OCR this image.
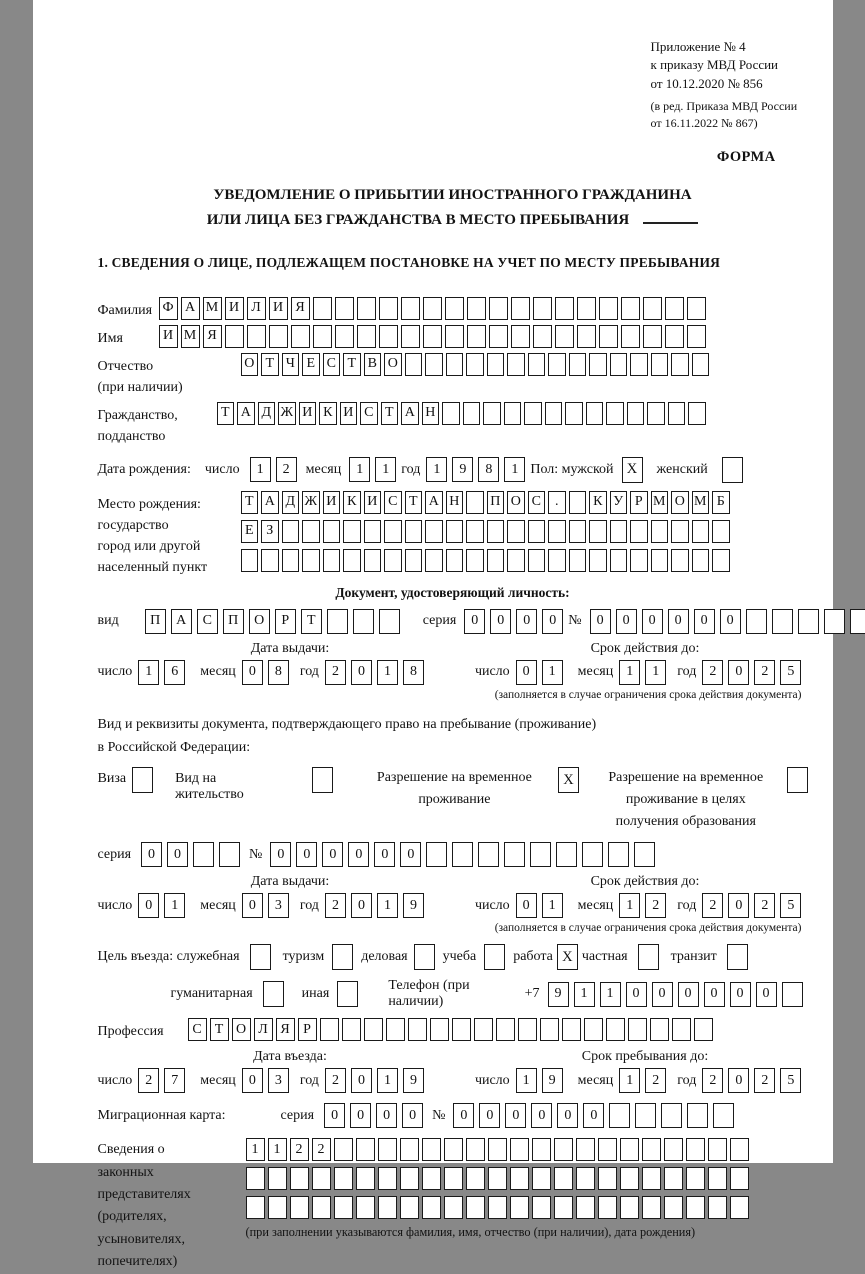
Приложение № 4
к приказу МВД России
от 10.12.2020 № 856
(в ред. Приказа МВД России
от 16.11.2022 № 867)
ФОРМА
УВЕДОМЛЕНИЕ О ПРИБЫТИИ ИНОСТРАННОГО ГРАЖДАНИНА
ИЛИ ЛИЦА БЕЗ ГРАЖДАНСТВА В МЕСТО ПРЕБЫВАНИЯ
1. СВЕДЕНИЯ О ЛИЦЕ, ПОДЛЕЖАЩЕМ ПОСТАНОВКЕ НА УЧЕТ ПО МЕСТУ ПРЕБЫВАНИЯ
Фамилия Ф А М И Л И Я
Имя	И М Я
Отчество
(при наличии)
О Т Ч Е С Т В О
Гражданство,
подданство
Т А Д Ж И К И С Т А Н
Дата рождения: число	1	2	месяц	1	1 год 1	9	8	1 Пол: мужской X	женский
Место рождения:
государство
город или другой
населенный пункт
Т А Д Ж И К И С Т А Н П О С	.	К У Р М О М Б
Е З
Документ, удостоверяющий личность:
вид	П	А	С	П	О	Р	Т	серия	0	0	0	0 №	0	0	0	0	0	0
Дата выдачи:	Срок действия до:
число 1	6	месяц 0	8	год 2	0	1	8	число 0	1	месяц 1	1	год 2	0	2	5
(заполняется в случае ограничения срока действия документа)
Вид и реквизиты документа, подтверждающего право на пребывание (проживание)
в Российской Федерации:
Виза	Вид на жительство
Разрешение на временное
проживание
X	Разрешение на временное
проживание в целях
получения образования
серия	0	0	№	0	0	0	0	0	0
Дата выдачи:	Срок действия до:
число 0	1	месяц 0	3	год 2	0	1	9	число 0	1	месяц 1	2	год 2	0	2	5
(заполняется в случае ограничения срока действия документа)
Цель въезда: служебная	туризм	деловая	учеба	работа X частная	транзит
гуманитарная	иная
Телефон (при наличии)
+7	9	1	1	0	0	0	0	0	0
Профессия	С Т О Л Я Р
Дата въезда:	Срок пребывания до:
число 2	7	месяц 0	3	год 2	0	1	9	число 1	9	месяц 1	2	год 2	0	2	5
Миграционная карта:	серия	0	0	0	0	№	0	0	0	0	0	0
Сведения о
законных
представителях
(родителях,
усыновителях,
попечителях)
1	1	2	2
(при заполнении указываются фамилия, имя, отчество (при наличии), дата рождения)
